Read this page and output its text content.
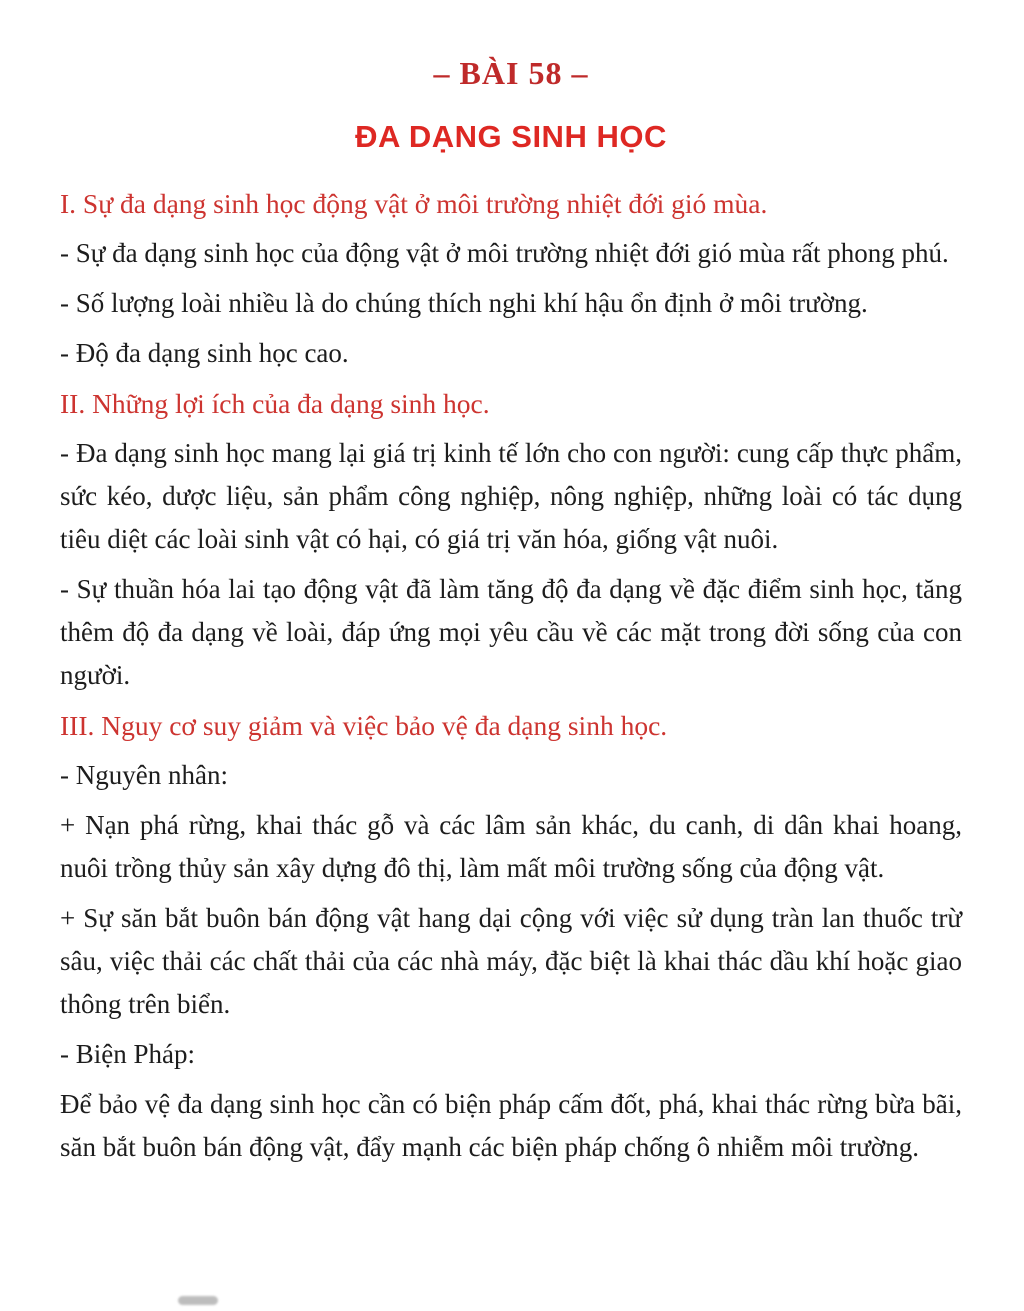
– BÀI 58 –
ĐA DẠNG SINH HỌC
I. Sự đa dạng sinh học động vật ở môi trường nhiệt đới gió mùa.

- Sự đa dạng sinh học của động vật ở môi trường nhiệt đới gió mùa rất phong phú.

- Số lượng loài nhiều là do chúng thích nghi khí hậu ổn định ở môi trường.

- Độ đa dạng sinh học cao.

II. Những lợi ích của đa dạng sinh học.

- Đa dạng sinh học mang lại giá trị kinh tế lớn cho con người: cung cấp thực phẩm, sức kéo, dược liệu, sản phẩm công nghiệp, nông nghiệp, những loài có tác dụng tiêu diệt các loài sinh vật có hại, có giá trị văn hóa, giống vật nuôi.

- Sự thuần hóa lai tạo động vật đã làm tăng độ đa dạng về đặc điểm sinh học, tăng thêm độ đa dạng về loài, đáp ứng mọi yêu cầu về các mặt trong đời sống của con người.

III. Nguy cơ suy giảm và việc bảo vệ đa dạng sinh học.

- Nguyên nhân:

+ Nạn phá rừng, khai thác gỗ và các lâm sản khác, du canh, di dân khai hoang, nuôi trồng thủy sản xây dựng đô thị, làm mất môi trường sống của động vật.

+ Sự săn bắt buôn bán động vật hang dại cộng với việc sử dụng tràn lan thuốc trừ sâu, việc thải các chất thải của các nhà máy, đặc biệt là khai thác dầu khí hoặc giao thông trên biển.

- Biện Pháp:

Để bảo vệ đa dạng sinh học cần có biện pháp cấm đốt, phá, khai thác rừng bừa bãi, săn bắt buôn bán động vật, đẩy mạnh các biện pháp chống ô nhiễm môi trường.
